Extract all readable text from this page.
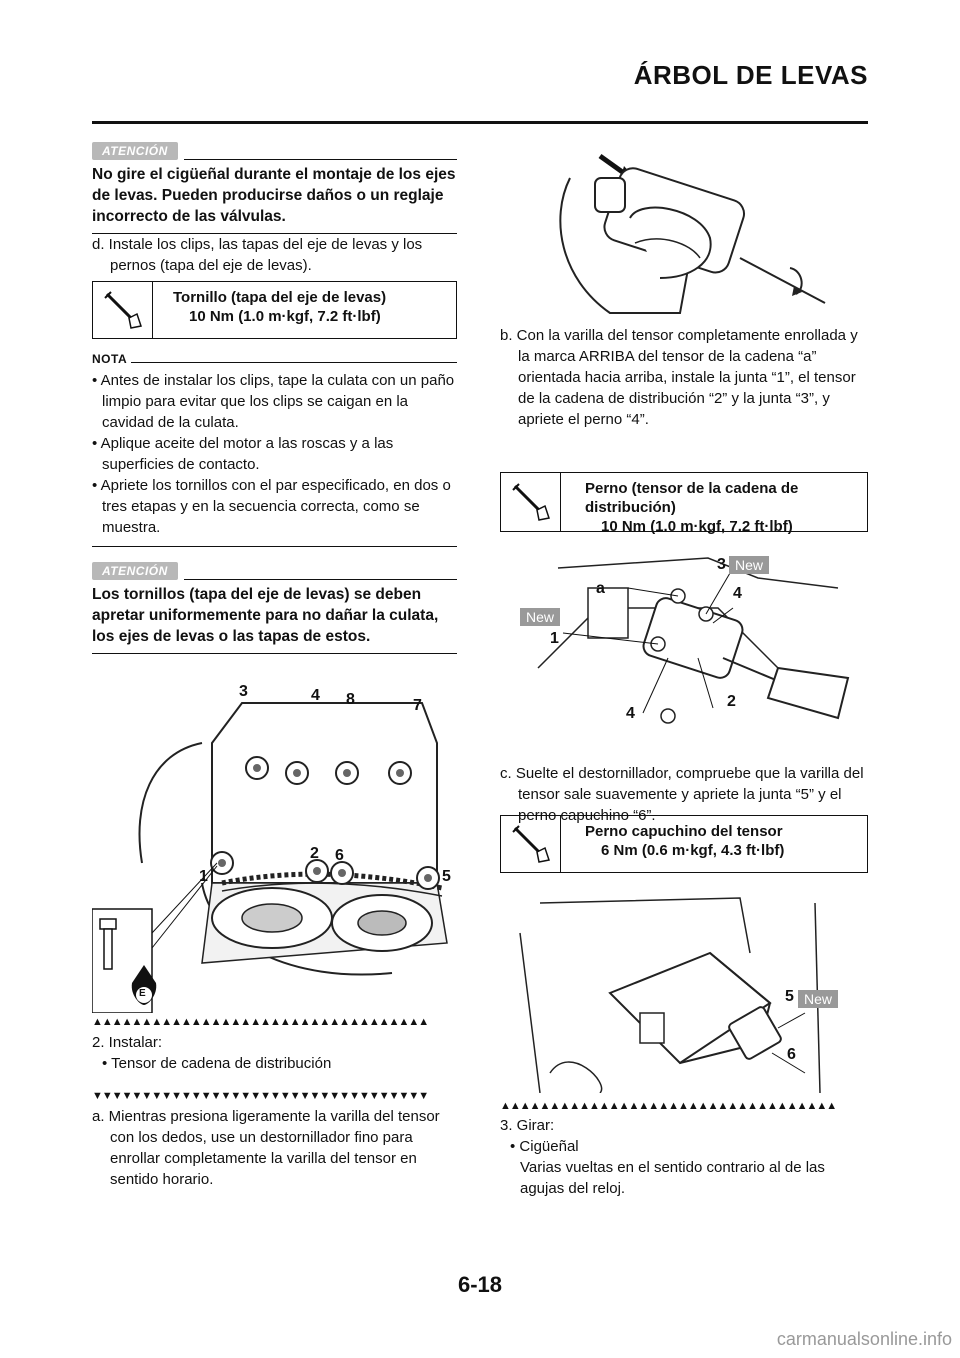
ÁRBOL DE LEVAS
ATENCIÓN
No gire el cigüeñal durante el montaje de los ejes de levas. Pueden producirse daños o un reglaje incorrecto de las válvulas.
d. Instale los clips, las tapas del eje de levas y los pernos (tapa del eje de levas).
Tornillo (tapa del eje de levas)
10 Nm (1.0 m·kgf, 7.2 ft·lbf)
NOTA
• Antes de instalar los clips, tape la culata con un paño limpio para evitar que los clips se caigan en la cavidad de la culata.
• Aplique aceite del motor a las roscas y a las superficies de contacto.
• Apriete los tornillos con el par especificado, en dos o tres etapas y en la secuencia correcta, como se muestra.
ATENCIÓN
Los tornillos (tapa del eje de levas) se deben apretar uniformemente para no dañar la culata, los ejes de levas o las tapas de estos.
3	4 8	7
1
2 6
5
E
▲▲▲▲▲▲▲▲▲▲▲▲▲▲▲▲▲▲▲▲▲▲▲▲▲▲▲▲▲▲▲▲▲▲
2. Instalar:
• Tensor de cadena de distribución
▼▼▼▼▼▼▼▼▼▼▼▼▼▼▼▼▼▼▼▼▼▼▼▼▼▼▼▼▼▼▼▼▼▼
a. Mientras presiona ligeramente la varilla del tensor con los dedos, use un destornillador fino para enrollar completamente la varilla del tensor en sentido horario.
b. Con la varilla del tensor completamente enrollada y la marca ARRIBA del tensor de la cadena “a” orientada hacia arriba, instale la junta “1”, el tensor de la cadena de distribución “2” y la junta “3”, y apriete el perno “4”.
Perno (tensor de la cadena de distribución)
10 Nm (1.0 m·kgf, 7.2 ft·lbf)
2
a
3 New
4
New
1
4
c. Suelte el destornillador, compruebe que la varilla del tensor sale suavemente y apriete la junta “5” y el perno capuchino “6”.
Perno capuchino del tensor
6 Nm (0.6 m·kgf, 4.3 ft·lbf)
5 New
6
▲▲▲▲▲▲▲▲▲▲▲▲▲▲▲▲▲▲▲▲▲▲▲▲▲▲▲▲▲▲▲▲▲▲
3. Girar:
• Cigüeñal
Varias vueltas en el sentido contrario al de las agujas del reloj.
6-18
carmanualsonline.info
